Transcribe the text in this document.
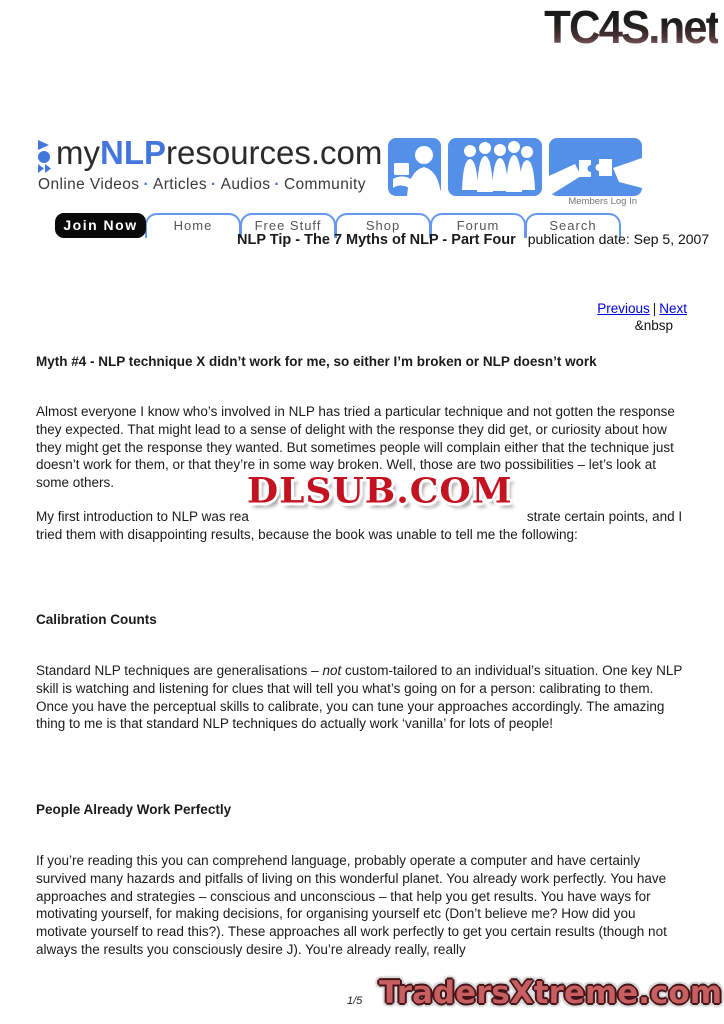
TC4S.net
myNLPresources.com
Online Videos · Articles · Audios · Community
Members Log In
Join Now	Home	Free Stuff	Shop	Forum	Search
NLP Tip - The 7 Myths of NLP - Part Four publication date: Sep 5, 2007
Previous | Next
&nbsp
Myth #4 - NLP technique X didn’t work for me, so either I’m broken or NLP doesn’t work
Almost everyone I know who’s involved in NLP has tried a particular technique and not gotten the response they expected. That might lead to a sense of delight with the response they did get, or curiosity about how they might get the response they wanted. But sometimes people will complain either that the technique just doesn’t work for them, or that they’re in some way broken. Well, those are two possibilities – let’s look at some others.
My first introduction to NLP was rea
DLSUB.COM
strate certain points, and I tried them with disappointing results, because the book was unable to tell me the following:
Calibration Counts
Standard NLP techniques are generalisations – not custom-tailored to an individual’s situation. One key NLP skill is watching and listening for clues that will tell you what’s going on for a person: calibrating to them. Once you have the perceptual skills to calibrate, you can tune your approaches accordingly. The amazing thing to me is that standard NLP techniques do actually work ‘vanilla’ for lots of people!
People Already Work Perfectly
If you’re reading this you can comprehend language, probably operate a computer and have certainly survived many hazards and pitfalls of living on this wonderful planet. You already work perfectly. You have approaches and strategies – conscious and unconscious – that help you get results. You have ways for motivating yourself, for making decisions, for organising yourself etc (Don’t believe me? How did you motivate yourself to read this?). These approaches all work perfectly to get you certain results (though not always the results you consciously desire J). You’re already really, really
1/5 TradersXtreme.com
